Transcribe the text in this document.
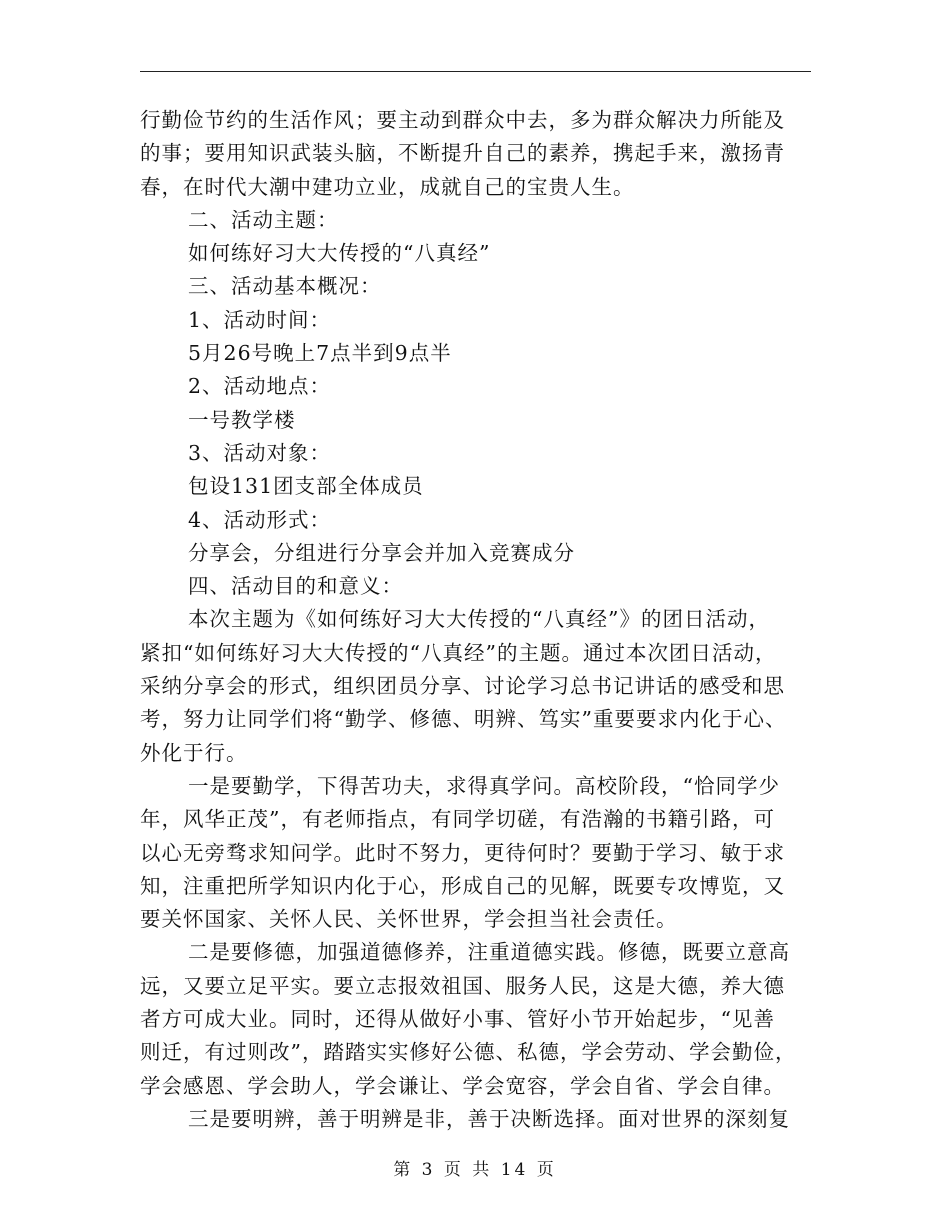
行勤俭节约的生活作风；要主动到群众中去，多为群众解决力所能及
的事；要用知识武装头脑，不断提升自己的素养，携起手来，激扬青
春，在时代大潮中建功立业，成就自己的宝贵人生。
二、活动主题：
如何练好习大大传授的“八真经”
三、活动基本概况：
1、活动时间：
5月26号晚上7点半到9点半
2、活动地点：
一号教学楼
3、活动对象：
包设131团支部全体成员
4、活动形式：
分享会，分组进行分享会并加入竞赛成分
四、活动目的和意义：
本次主题为《如何练好习大大传授的“八真经”》的团日活动，
紧扣“如何练好习大大传授的“八真经”的主题。通过本次团日活动，
采纳分享会的形式，组织团员分享、讨论学习总书记讲话的感受和思
考，努力让同学们将“勤学、修德、明辨、笃实”重要要求内化于心、
外化于行。
一是要勤学，下得苦功夫，求得真学问。高校阶段，“恰同学少
年，风华正茂”，有老师指点，有同学切磋，有浩瀚的书籍引路，可
以心无旁骛求知问学。此时不努力，更待何时？要勤于学习、敏于求
知，注重把所学知识内化于心，形成自己的见解，既要专攻博览，又
要关怀国家、关怀人民、关怀世界，学会担当社会责任。
二是要修德，加强道德修养，注重道德实践。修德，既要立意高
远，又要立足平实。要立志报效祖国、服务人民，这是大德，养大德
者方可成大业。同时，还得从做好小事、管好小节开始起步，“见善
则迁，有过则改”，踏踏实实修好公德、私德，学会劳动、学会勤俭，
学会感恩、学会助人，学会谦让、学会宽容，学会自省、学会自律。
三是要明辨，善于明辨是非，善于决断选择。面对世界的深刻复
第 3 页 共 14 页
